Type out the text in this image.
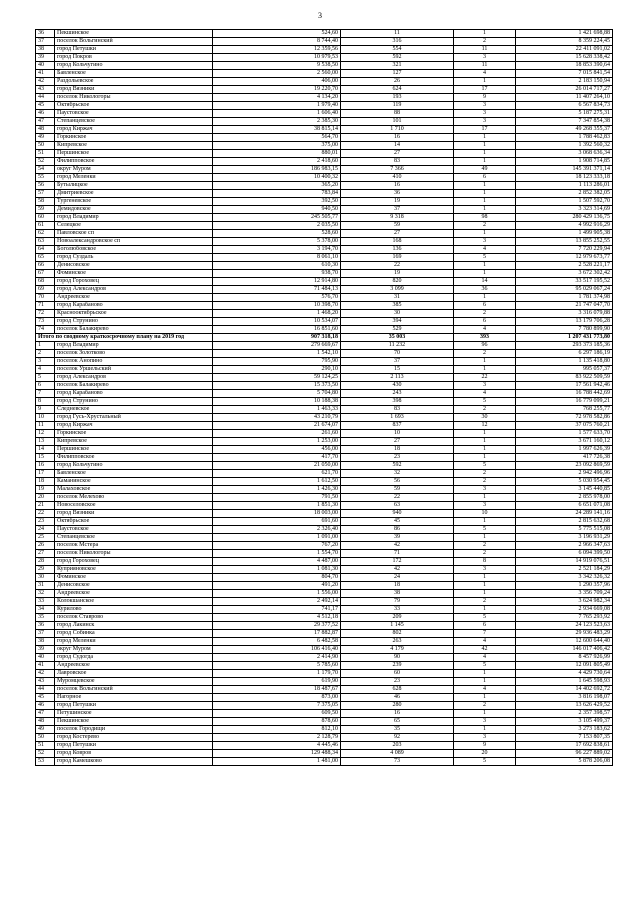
3
36	Пекшинское	524,60	11	1	1 421 698,88
37	поселок Вольгинский	8 744,40	316	2	8 359 224,45
38	город Петушки	12 359,56	554	11	22 411 091,02
39	город Покров	10 979,53	592	3	15 628 338,42
40	город Кольчугино	9 538,50	321	11	18 853 390,64
41	Бавленское	2 560,00	127	4	7 015 841,54
42	Раздольевское	406,00	26	1	2 183 150,94
43	город Вязники	19 220,70	624	17	26 014 717,27
44	поселок Никологоры	4 134,20	193	9	11 407 264,10
45	Октябрьское	1 979,40	119	3	6 567 834,73
46	Паустовское	1 606,40	88	3	5 187 275,31
47	Степанцевское	2 385,30	101	3	7 347 854,38
48	город Киржач	38 815,14	1 710	17	49 268 355,37
49	Горкинское	564,70	16	1	1 788 462,83
50	Кипревское	375,00	14	1	1 392 560,32
51	Першинское	880,01	27	1	3 068 636,34
52	Филипповское	2 418,60	83	1	1 908 714,85
54	округ Муром	186 983,15	7 366	49	145 391 371,14
55	город Меленки	10 400,32	410	6	18 123 333,18
56	Бутылицкое	365,20	16	1	1 113 286,01
57	Дмитриевское	783,84	36	1	2 852 382,05
58	Тургеневское	392,50	19	1	1 507 592,70
59	Демидовское	940,50	37	1	3 323 314,69
60	город Владимир	245 505,77	9 318	98	280 429 136,75
61	Селецкое	2 035,50	59	2	4 992 916,29
62	Павловское сп	528,60	27	1	1 499 905,38
63	Новоалександровское сп	5 378,00	168	3	13 855 252,55
64	Боголюбовское	3 194,70	136	4	7 720 229,94
65	город Суздаль	8 061,10	169	5	12 979 673,77
66	Денисовское	610,30	22	1	2 528 221,17
67	Фоминское	938,70	19	1	3 672 302,42
68	город Гороховец	12 914,80	820	14	33 517 195,52
69	город Александров	71 484,13	3 099	36	95 029 067,24
70	Андреевское	576,70	31	1	1 781 374,98
71	город Карабаново	10 398,70	385	6	21 747 047,70
72	Краснооктябрьское	1 468,20	30	2	3 316 079,88
73	город Струнино	10 534,07	394	6	13 179 706,28
74	поселок Балакирево	16 851,60	529	4	7 780 899,90
Итого по сводному краткосрочному плану на 2019 год		907 318,18	35 003	393	1 207 431 773,80
1	город Владимир	279 669,67	11 232	96	293 373 185,36
2	поселок Золотково	1 542,10	70	2	6 297 186,19
3	поселок Анопино	795,90	37	1	1 135 418,80
4	поселок Уршельский	290,10	15	1	995 057,37
5	город Александров	59 124,25	2 113	22	83 922 509,59
6	поселок Балакирево	15 373,50	430	3	17 561 942,46
7	город Карабаново	5 704,80	243	4	16 788 442,69
8	город Струнино	10 188,38	398	5	16 779 099,21
9	Следневское	1 463,33	83	2	768 255,77
10	город Гусь-Хрустальный	43 210,79	1 693	30	72 978 582,86
11	город Киржач	21 674,07	837	12	37 075 760,21
12	Горкинское	261,60	10	1	1 577 633,70
13	Кипревское	1 253,00	27	1	3 671 160,12
14	Першинское	456,00	18	1	1 997 626,39
15	Филипповское	417,70	23	1	417 726,38
16	город Кольчугино	21 050,00	592	5	23 092 869,59
17	Бавленское	621,70	32	2	2 942 496,96
18	Каманинское	1 612,50	56	2	5 030 954,45
19	Малаховское	1 426,30	59	3	3 145 440,85
20	поселок Мелехово	791,50	22	1	2 855 978,00
21	Новоселовское	1 851,30	63	3	6 651 071,08
22	город Вязники	18 003,00	940	10	24 289 141,16
23	Октябрьское	691,60	45	1	2 815 632,68
24	Паустовское	2 326,40	86	5	5 775 515,08
25	Степанцевское	1 091,00	39	1	3 196 931,29
26	поселок Мстера	767,20	42	2	2 966 347,63
27	поселок Никологоры	1 554,70	71	2	6 094 399,50
28	город Гороховец	4 487,00	172	8	14 919 076,51
29	Куприяновское	1 081,30	42	3	2 521 184,29
30	Фоминское	804,70	24	1	3 342 326,32
31	Денисовское	491,20	18	1	1 290 357,96
32	Андреевское	1 556,00	38	1	3 356 709,24
33	Колокшанское	2 492,14	79	2	3 624 982,34
34	Курилово	741,17	33	1	2 934 669,08
35	поселок Ставрово	4 512,18	209	5	7 765 293,92
36	город Лакинск	29 377,52	1 145	6	24 123 523,63
37	город Собинка	17 882,87	802	7	29 936 483,29
38	город Меленки	6 482,58	263	4	12 600 644,40
39	округ Муром	106 416,40	4 179	42	146 017 406,42
40	город Судогда	2 414,90	90	4	8 457 926,99
41	Андреевское	5 785,60	239	5	12 091 805,49
42	Лавровское	1 179,70	60	1	4 429 730,64
43	Муромцевское	619,90	23	1	1 645 598,93
44	поселок Вольгинский	18 487,67	628	4	14 402 692,72
45	Нагорное	873,00	46	1	3 816 198,07
46	город Петушки	7 375,05	280	2	13 626 429,52
47	Петушинское	609,50	16	1	2 357 398,57
48	Пекшинское	878,60	65	3	3 105 499,37
49	поселок Городищи	812,10	35	1	3 273 183,62
50	город Костерево	2 128,79	92	3	7 153 807,35
51	город Петушки	4 445,46	203	9	17 692 838,61
52	город Ковров	129 488,34	4 089	20	96 227 889,02
53	город Камешково	1 481,00	73	5	5 878 206,08
